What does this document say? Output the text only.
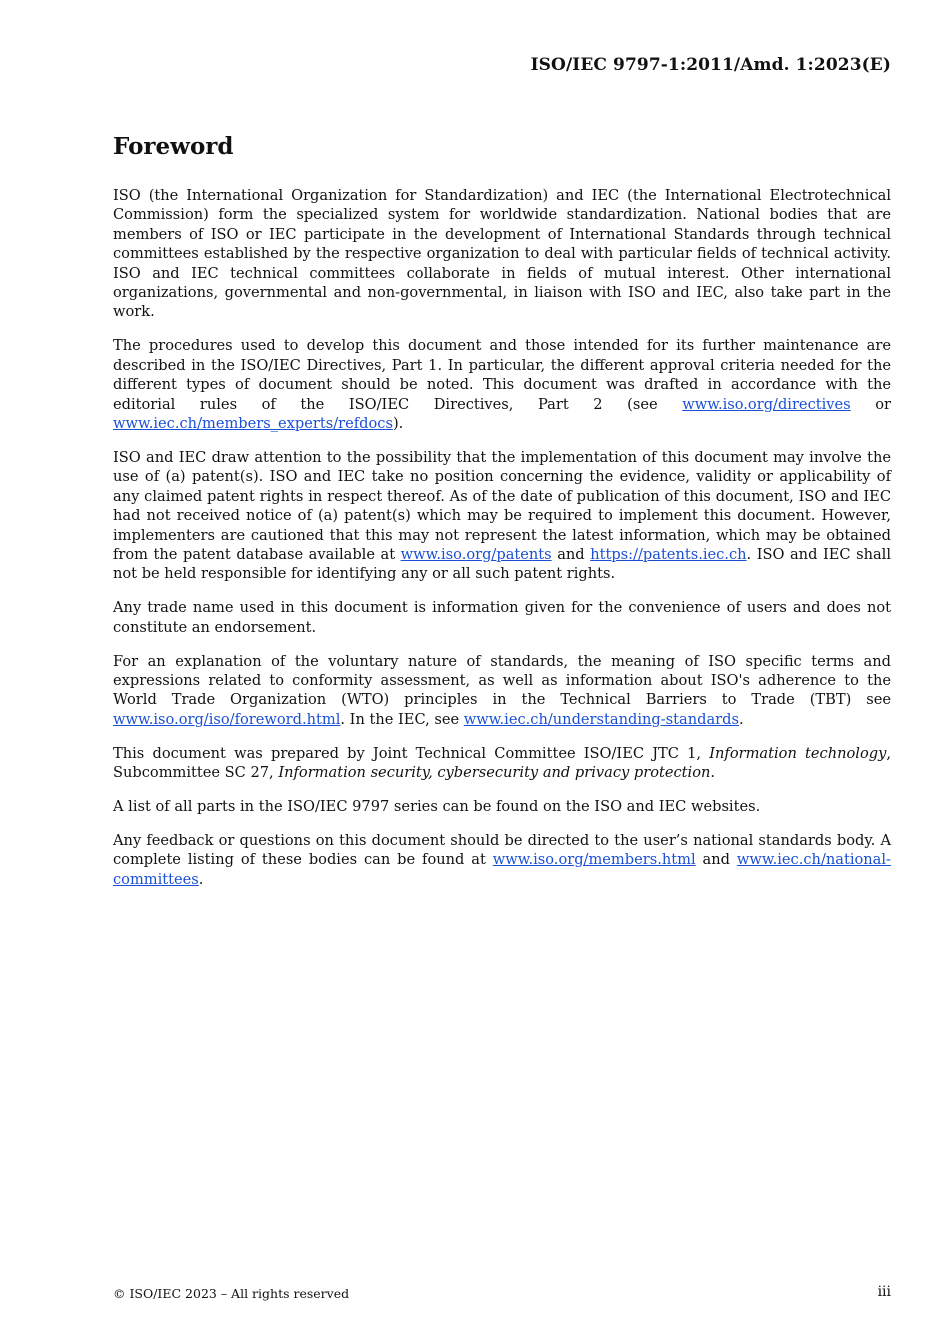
ISO/IEC 9797-1:2011/Amd. 1:2023(E)
Foreword

ISO (the International Organization for Standardization) and IEC (the International Electrotechnical Commission) form the specialized system for worldwide standardization. National bodies that are members of ISO or IEC participate in the development of International Standards through technical committees established by the respective organization to deal with particular fields of technical activity. ISO and IEC technical committees collaborate in fields of mutual interest. Other international organizations, governmental and non-governmental, in liaison with ISO and IEC, also take part in the work.

The procedures used to develop this document and those intended for its further maintenance are described in the ISO/IEC Directives, Part 1. In particular, the different approval criteria needed for the different types of document should be noted. This document was drafted in accordance with the editorial rules of the ISO/IEC Directives, Part 2 (see www.iso.org/directives or www.iec.ch/members_experts/refdocs).

ISO and IEC draw attention to the possibility that the implementation of this document may involve the use of (a) patent(s). ISO and IEC take no position concerning the evidence, validity or applicability of any claimed patent rights in respect thereof. As of the date of publication of this document, ISO and IEC had not received notice of (a) patent(s) which may be required to implement this document. However, implementers are cautioned that this may not represent the latest information, which may be obtained from the patent database available at www.iso.org/patents and https://patents.iec.ch. ISO and IEC shall not be held responsible for identifying any or all such patent rights.

Any trade name used in this document is information given for the convenience of users and does not constitute an endorsement.

For an explanation of the voluntary nature of standards, the meaning of ISO specific terms and expressions related to conformity assessment, as well as information about ISO's adherence to the World Trade Organization (WTO) principles in the Technical Barriers to Trade (TBT) see www.iso.org/iso/foreword.html. In the IEC, see www.iec.ch/understanding-standards.

This document was prepared by Joint Technical Committee ISO/IEC JTC 1, Information technology, Subcommittee SC 27, Information security, cybersecurity and privacy protection.

A list of all parts in the ISO/IEC 9797 series can be found on the ISO and IEC websites.

Any feedback or questions on this document should be directed to the user’s national standards body. A complete listing of these bodies can be found at www.iso.org/members.html and www.iec.ch/national-committees.

© ISO/IEC 2023 – All rights reserved	iii
